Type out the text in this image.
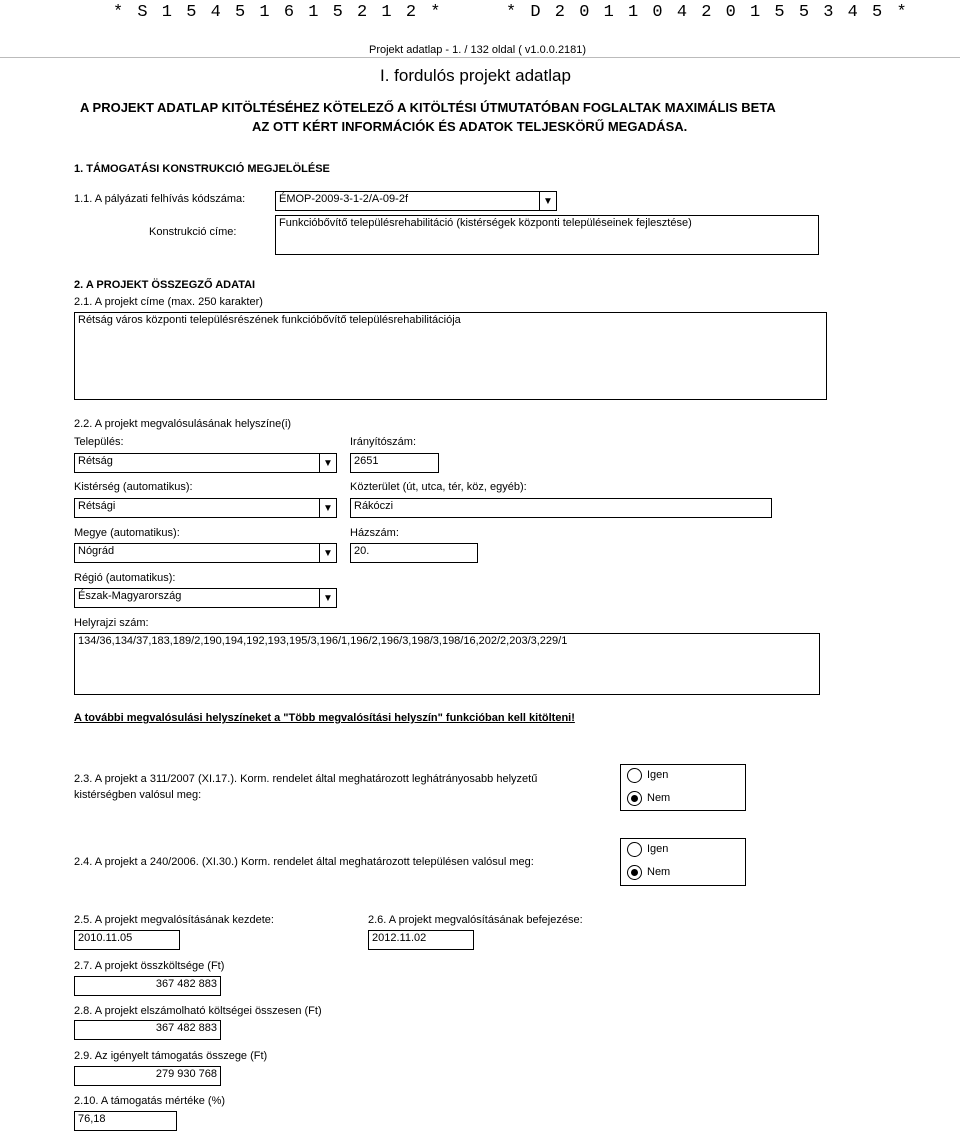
* S 1 5 4 5 1 6 1 5 2 1 2 *	* D 2 0 1 1 0 4 2 0 1 5 5 3 4 5 *
Projekt adatlap - 1. / 132 oldal ( v1.0.0.2181)
I. fordulós projekt adatlap
A PROJEKT ADATLAP KITÖLTÉSÉHEZ KÖTELEZŐ A KITÖLTÉSI ÚTMUTATÓBAN FOGLALTAK MAXIMÁLIS BETA
AZ OTT KÉRT INFORMÁCIÓK ÉS ADATOK TELJESKÖRŰ MEGADÁSA.
1. TÁMOGATÁSI KONSTRUKCIÓ MEGJELÖLÉSE
1.1. A pályázati felhívás kódszáma:	ÉMOP-2009-3-1-2/A-09-2f	▼
Konstrukció címe:
Funkcióbővítő településrehabilitáció (kistérségek központi településeinek fejlesztése)
2. A PROJEKT ÖSSZEGZŐ ADATAI
2.1. A projekt címe (max. 250 karakter)
Rétság város központi településrészének funkcióbővítő településrehabilitációja
2.2. A projekt megvalósulásának helyszíne(i)
Település:
Rétság	▼
Irányítószám:
2651
Kistérség (automatikus):
Rétsági	▼
Közterület (út, utca, tér, köz, egyéb):
Rákóczi
Megye (automatikus):
Nógrád	▼
Házszám:
20.
Régió (automatikus):
Észak-Magyarország	▼
Helyrajzi szám:
134/36,134/37,183,189/2,190,194,192,193,195/3,196/1,196/2,196/3,198/3,198/16,202/2,203/3,229/1
A további megvalósulási helyszíneket a "Több megvalósítási helyszín" funkcióban kell kitölteni!
2.3. A projekt a 311/2007 (XI.17.). Korm. rendelet által meghatározott leghátrányosabb helyzetű
kistérségben valósul meg:
Igen
Nem
2.4. A projekt a 240/2006. (XI.30.) Korm. rendelet által meghatározott településen valósul meg:
Igen
Nem
2.5. A projekt megvalósításának kezdete:
2010.11.05
2.6. A projekt megvalósításának befejezése:
2012.11.02
2.7. A projekt összköltsége (Ft)
367 482 883
2.8. A projekt elszámolható költségei összesen (Ft)
367 482 883
2.9. Az igényelt támogatás összege (Ft)
279 930 768
2.10. A támogatás mértéke (%)
76,18
